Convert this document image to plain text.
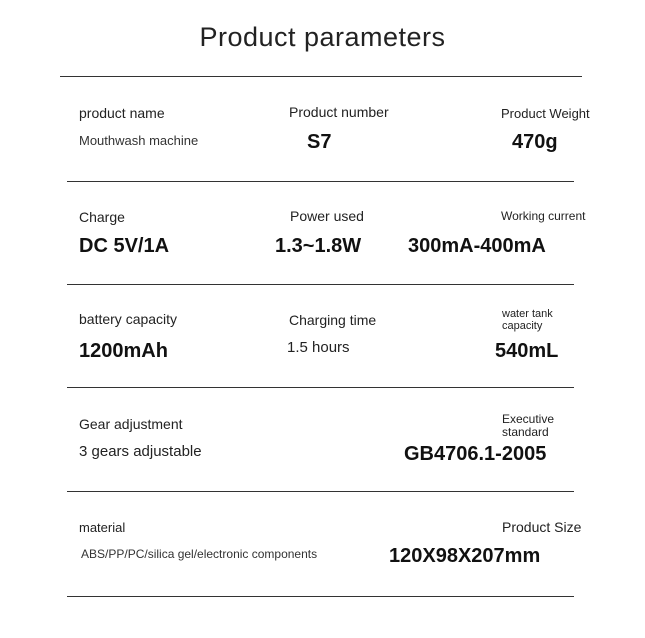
Product parameters
product name
Mouthwash machine
Product number
S7
Product Weight
470g
Charge
DC 5V/1A
Power used
1.3~1.8W
Working current
300mA-400mA
battery capacity
1200mAh
Charging time
1.5 hours
water tank capacity
540mL
Gear adjustment
3 gears adjustable
Executive standard
GB4706.1-2005
material
ABS/PP/PC/silica gel/electronic components
Product Size
120X98X207mm
